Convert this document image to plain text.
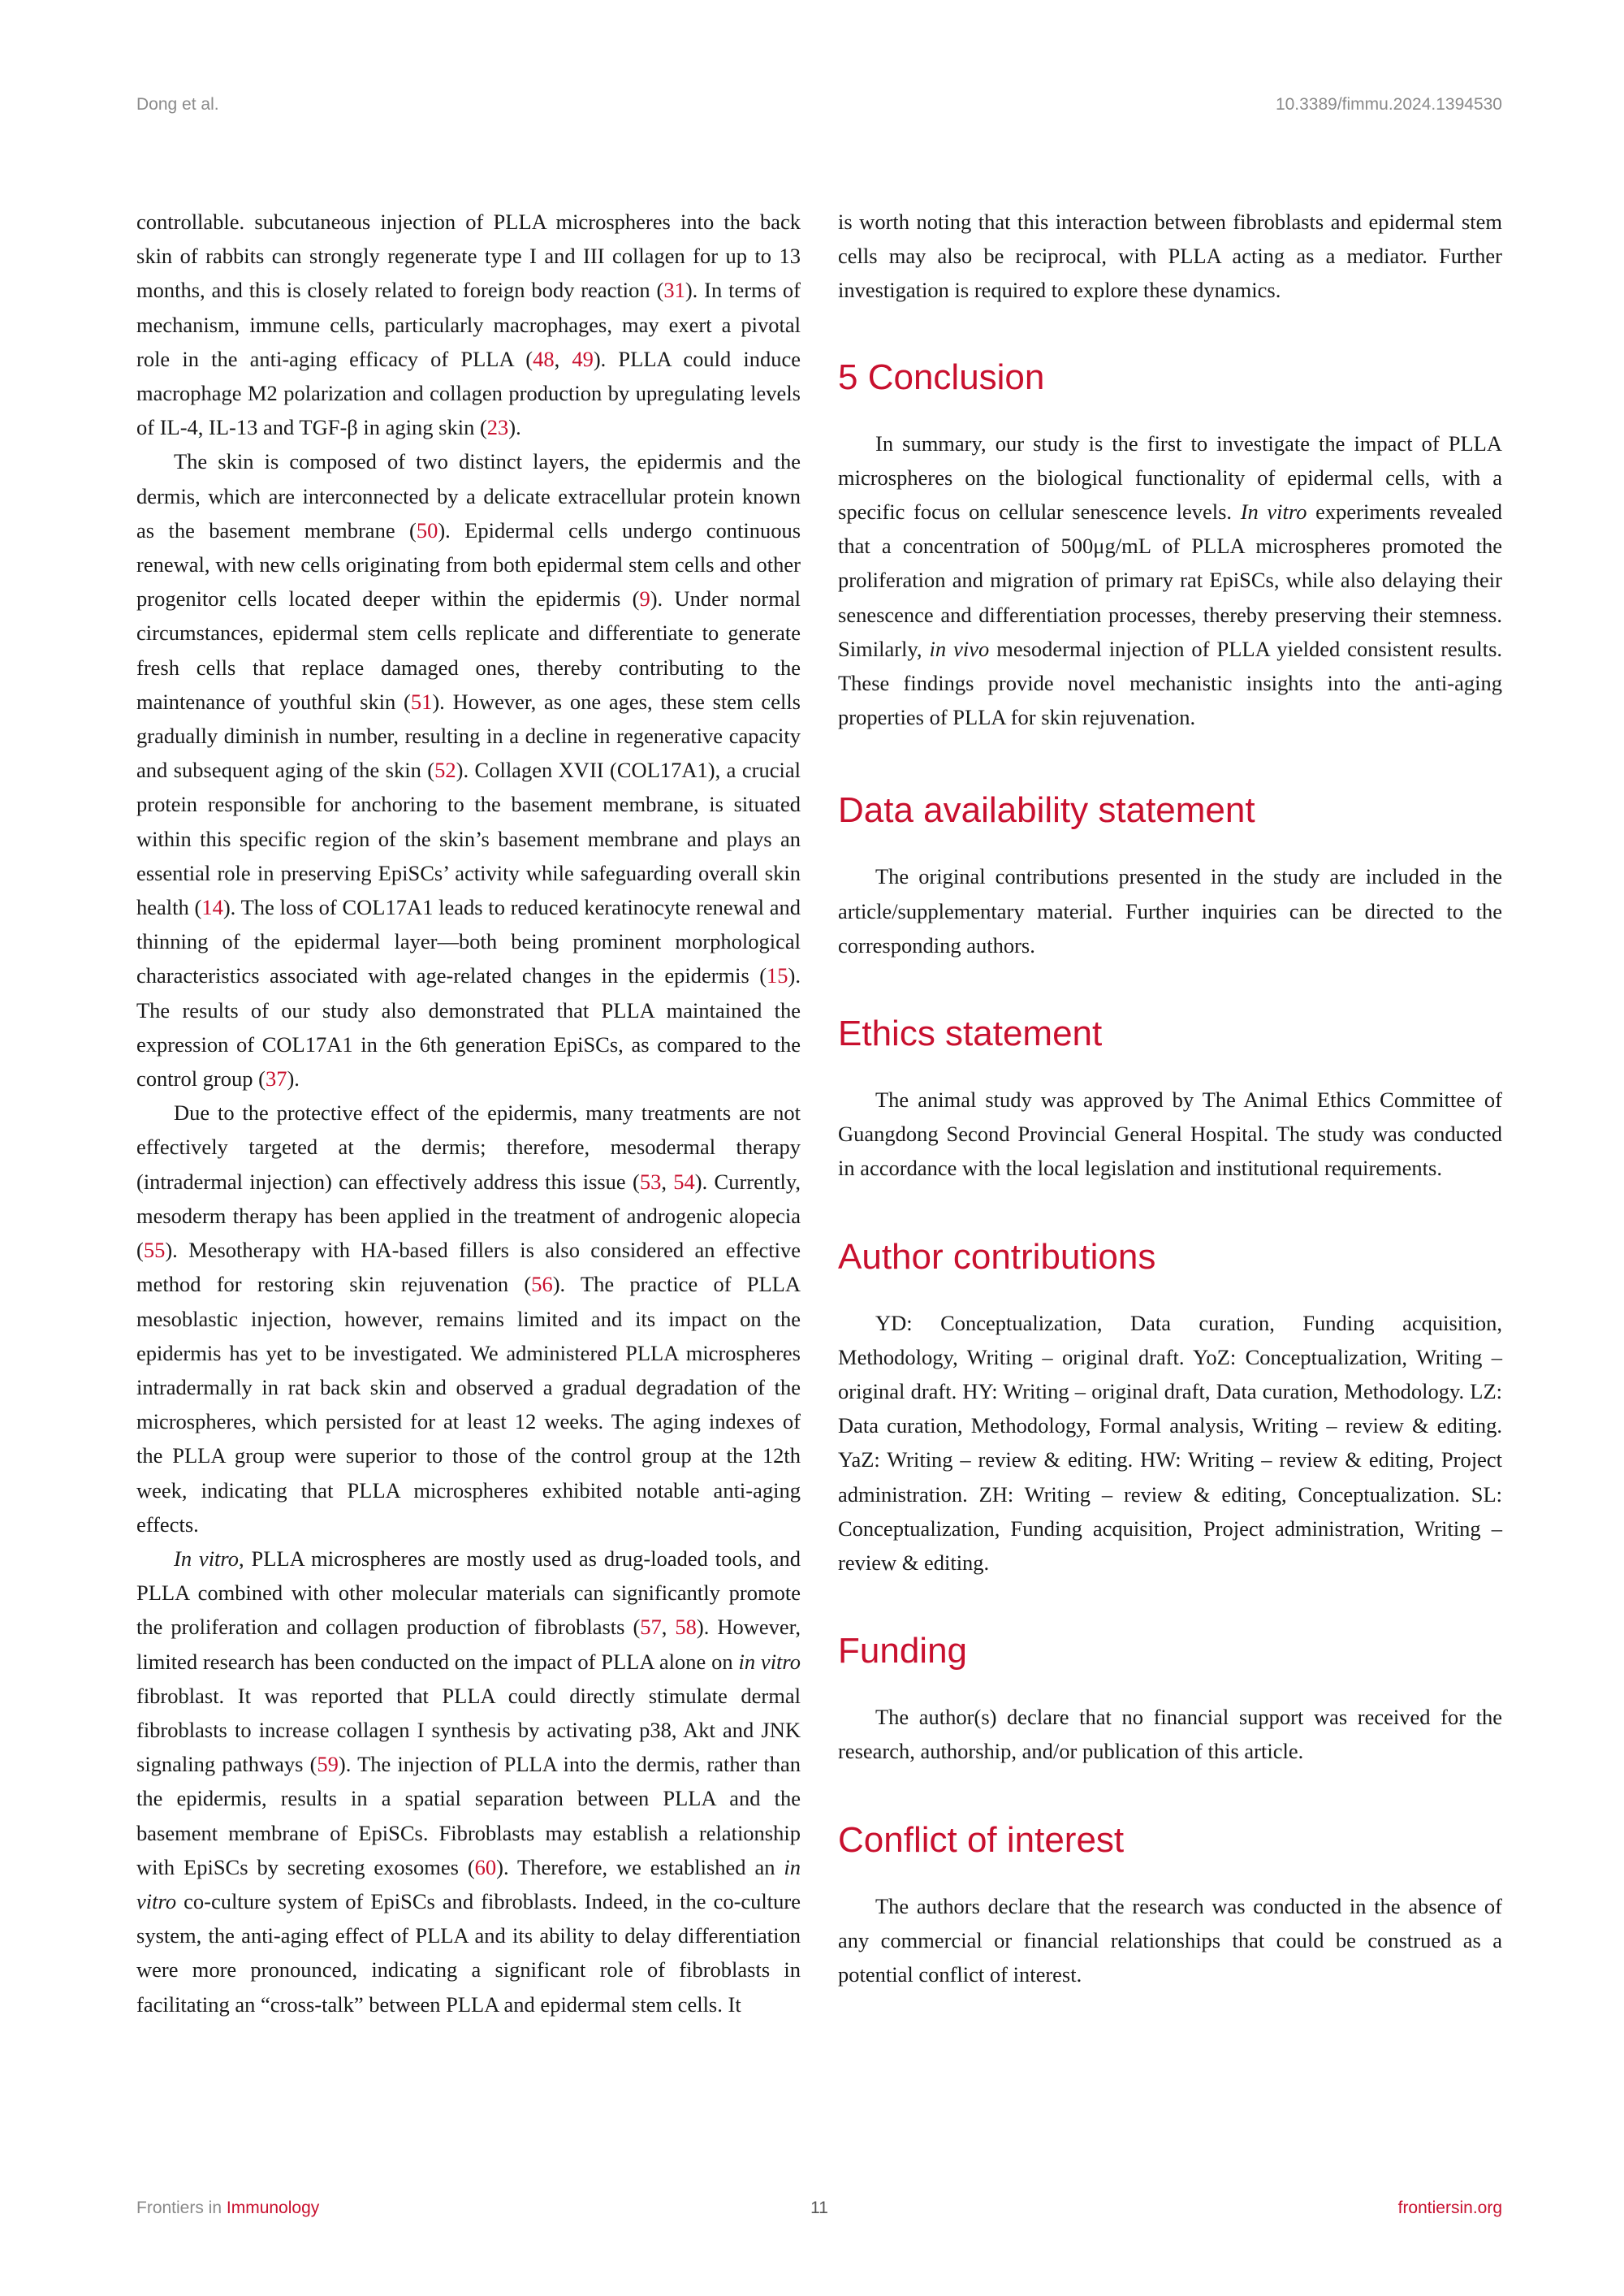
Dong et al.	10.3389/fimmu.2024.1394530

controllable. subcutaneous injection of PLLA microspheres into the back skin of rabbits can strongly regenerate type I and III collagen for up to 13 months, and this is closely related to foreign body reaction (31). In terms of mechanism, immune cells, particularly macrophages, may exert a pivotal role in the anti-aging efficacy of PLLA (48, 49). PLLA could induce macrophage M2 polarization and collagen production by upregulating levels of IL-4, IL-13 and TGF-β in aging skin (23).

The skin is composed of two distinct layers, the epidermis and the dermis, which are interconnected by a delicate extracellular protein known as the basement membrane (50). Epidermal cells undergo continuous renewal, with new cells originating from both epidermal stem cells and other progenitor cells located deeper within the epidermis (9). Under normal circumstances, epidermal stem cells replicate and differentiate to generate fresh cells that replace damaged ones, thereby contributing to the maintenance of youthful skin (51). However, as one ages, these stem cells gradually diminish in number, resulting in a decline in regenerative capacity and subsequent aging of the skin (52). Collagen XVII (COL17A1), a crucial protein responsible for anchoring to the basement membrane, is situated within this specific region of the skin’s basement membrane and plays an essential role in preserving EpiSCs’ activity while safeguarding overall skin health (14). The loss of COL17A1 leads to reduced keratinocyte renewal and thinning of the epidermal layer—both being prominent morphological characteristics associated with age-related changes in the epidermis (15). The results of our study also demonstrated that PLLA maintained the expression of COL17A1 in the 6th generation EpiSCs, as compared to the control group (37).

Due to the protective effect of the epidermis, many treatments are not effectively targeted at the dermis; therefore, mesodermal therapy (intradermal injection) can effectively address this issue (53, 54). Currently, mesoderm therapy has been applied in the treatment of androgenic alopecia (55). Mesotherapy with HA-based fillers is also considered an effective method for restoring skin rejuvenation (56). The practice of PLLA mesoblastic injection, however, remains limited and its impact on the epidermis has yet to be investigated. We administered PLLA microspheres intradermally in rat back skin and observed a gradual degradation of the microspheres, which persisted for at least 12 weeks. The aging indexes of the PLLA group were superior to those of the control group at the 12th week, indicating that PLLA microspheres exhibited notable anti-aging effects.

In vitro, PLLA microspheres are mostly used as drug-loaded tools, and PLLA combined with other molecular materials can significantly promote the proliferation and collagen production of fibroblasts (57, 58). However, limited research has been conducted on the impact of PLLA alone on in vitro fibroblast. It was reported that PLLA could directly stimulate dermal fibroblasts to increase collagen I synthesis by activating p38, Akt and JNK signaling pathways (59). The injection of PLLA into the dermis, rather than the epidermis, results in a spatial separation between PLLA and the basement membrane of EpiSCs. Fibroblasts may establish a relationship with EpiSCs by secreting exosomes (60). Therefore, we established an in vitro co-culture system of EpiSCs and fibroblasts. Indeed, in the co-culture system, the anti-aging effect of PLLA and its ability to delay differentiation were more pronounced, indicating a significant role of fibroblasts in facilitating an “cross-talk” between PLLA and epidermal stem cells. It

is worth noting that this interaction between fibroblasts and epidermal stem cells may also be reciprocal, with PLLA acting as a mediator. Further investigation is required to explore these dynamics.

5 Conclusion

In summary, our study is the first to investigate the impact of PLLA microspheres on the biological functionality of epidermal cells, with a specific focus on cellular senescence levels. In vitro experiments revealed that a concentration of 500μg/mL of PLLA microspheres promoted the proliferation and migration of primary rat EpiSCs, while also delaying their senescence and differentiation processes, thereby preserving their stemness. Similarly, in vivo mesodermal injection of PLLA yielded consistent results. These findings provide novel mechanistic insights into the anti-aging properties of PLLA for skin rejuvenation.

Data availability statement

The original contributions presented in the study are included in the article/supplementary material. Further inquiries can be directed to the corresponding authors.

Ethics statement

The animal study was approved by The Animal Ethics Committee of Guangdong Second Provincial General Hospital. The study was conducted in accordance with the local legislation and institutional requirements.

Author contributions

YD: Conceptualization, Data curation, Funding acquisition, Methodology, Writing – original draft. YoZ: Conceptualization, Writing – original draft. HY: Writing – original draft, Data curation, Methodology. LZ: Data curation, Methodology, Formal analysis, Writing – review & editing. YaZ: Writing – review & editing. HW: Writing – review & editing, Project administration. ZH: Writing – review & editing, Conceptualization. SL: Conceptualization, Funding acquisition, Project administration, Writing – review & editing.

Funding

The author(s) declare that no financial support was received for the research, authorship, and/or publication of this article.

Conflict of interest

The authors declare that the research was conducted in the absence of any commercial or financial relationships that could be construed as a potential conflict of interest.

Frontiers in Immunology	11	frontiersin.org
